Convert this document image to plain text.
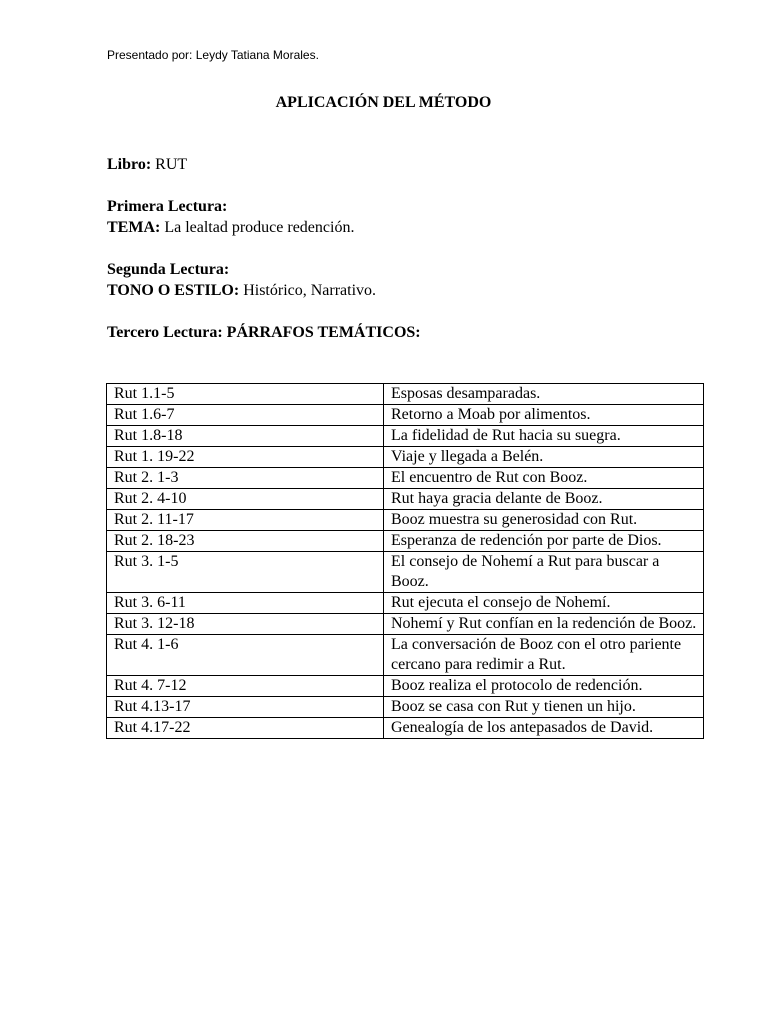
Presentado por: Leydy Tatiana Morales.
APLICACIÓN DEL MÉTODO
Libro: RUT
Primera Lectura:
TEMA: La lealtad produce redención.
Segunda Lectura:
TONO O ESTILO: Histórico, Narrativo.
Tercero Lectura: PÁRRAFOS TEMÁTICOS:
Rut 1.1-5	Esposas desamparadas.
Rut 1.6-7	Retorno a Moab por alimentos.
Rut 1.8-18	La fidelidad de Rut hacia su suegra.
Rut 1. 19-22	Viaje y llegada a Belén.
Rut 2. 1-3	El encuentro de Rut con Booz.
Rut 2. 4-10	Rut haya gracia delante de Booz.
Rut 2. 11-17	Booz muestra su generosidad con Rut.
Rut 2. 18-23	Esperanza de redención por parte de Dios.
Rut 3. 1-5	El consejo de Nohemí a Rut para buscar a Booz.
Rut 3. 6-11	Rut ejecuta el consejo de Nohemí.
Rut 3. 12-18	Nohemí y Rut confían en la redención de Booz.
Rut 4. 1-6	La conversación de Booz con el otro pariente cercano para redimir a Rut.
Rut 4. 7-12	Booz realiza el protocolo de redención.
Rut 4.13-17	Booz se casa con Rut y tienen un hijo.
Rut 4.17-22	Genealogía de los antepasados de David.
